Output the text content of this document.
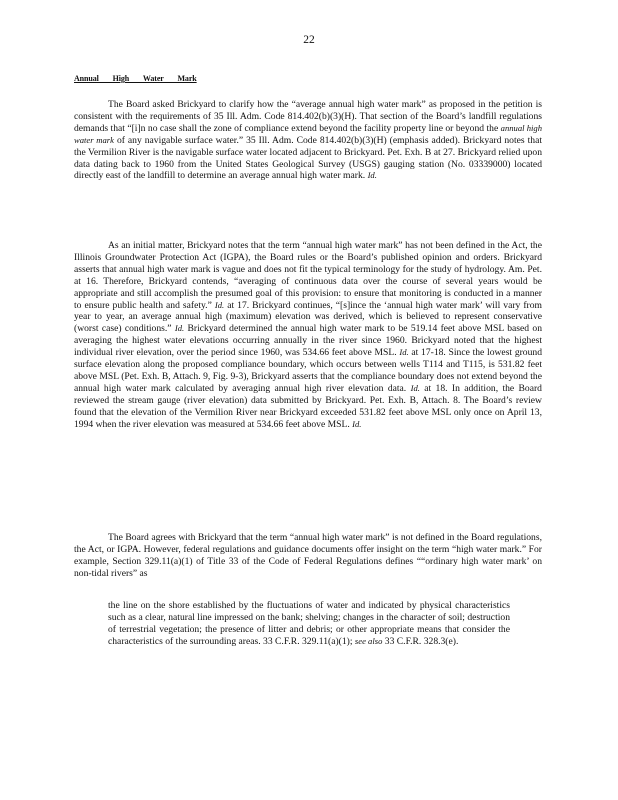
22
Annual High Water Mark

The Board asked Brickyard to clarify how the “average annual high water mark” as proposed in the petition is consistent with the requirements of 35 Ill. Adm. Code 814.402(b)(3)(H). That section of the Board’s landfill regulations demands that “[i]n no case shall the zone of compliance extend beyond the facility property line or beyond the annual high water mark of any navigable surface water.” 35 Ill. Adm. Code 814.402(b)(3)(H) (emphasis added). Brickyard notes that the Vermilion River is the navigable surface water located adjacent to Brickyard. Pet. Exh. B at 27. Brickyard relied upon data dating back to 1960 from the United States Geological Survey (USGS) gauging station (No. 03339000) located directly east of the landfill to determine an average annual high water mark. Id.

As an initial matter, Brickyard notes that the term “annual high water mark” has not been defined in the Act, the Illinois Groundwater Protection Act (IGPA), the Board rules or the Board’s published opinion and orders. Brickyard asserts that annual high water mark is vague and does not fit the typical terminology for the study of hydrology. Am. Pet. at 16. Therefore, Brickyard contends, “averaging of continuous data over the course of several years would be appropriate and still accomplish the presumed goal of this provision: to ensure that monitoring is conducted in a manner to ensure public health and safety.” Id. at 17. Brickyard continues, “[s]ince the ‘annual high water mark’ will vary from year to year, an average annual high (maximum) elevation was derived, which is believed to represent conservative (worst case) conditions.” Id. Brickyard determined the annual high water mark to be 519.14 feet above MSL based on averaging the highest water elevations occurring annually in the river since 1960. Brickyard noted that the highest individual river elevation, over the period since 1960, was 534.66 feet above MSL. Id. at 17-18. Since the lowest ground surface elevation along the proposed compliance boundary, which occurs between wells T114 and T115, is 531.82 feet above MSL (Pet. Exh. B, Attach. 9, Fig. 9-3), Brickyard asserts that the compliance boundary does not extend beyond the annual high water mark calculated by averaging annual high river elevation data. Id. at 18. In addition, the Board reviewed the stream gauge (river elevation) data submitted by Brickyard. Pet. Exh. B, Attach. 8. The Board’s review found that the elevation of the Vermilion River near Brickyard exceeded 531.82 feet above MSL only once on April 13, 1994 when the river elevation was measured at 534.66 feet above MSL. Id.

The Board agrees with Brickyard that the term “annual high water mark” is not defined in the Board regulations, the Act, or IGPA. However, federal regulations and guidance documents offer insight on the term “high water mark.” For example, Section 329.11(a)(1) of Title 33 of the Code of Federal Regulations defines ““ordinary high water mark’ on non-tidal rivers” as

the line on the shore established by the fluctuations of water and indicated by physical characteristics such as a clear, natural line impressed on the bank; shelving; changes in the character of soil; destruction of terrestrial vegetation; the presence of litter and debris; or other appropriate means that consider the characteristics of the surrounding areas. 33 C.F.R. 329.11(a)(1); see also 33 C.F.R. 328.3(e).
